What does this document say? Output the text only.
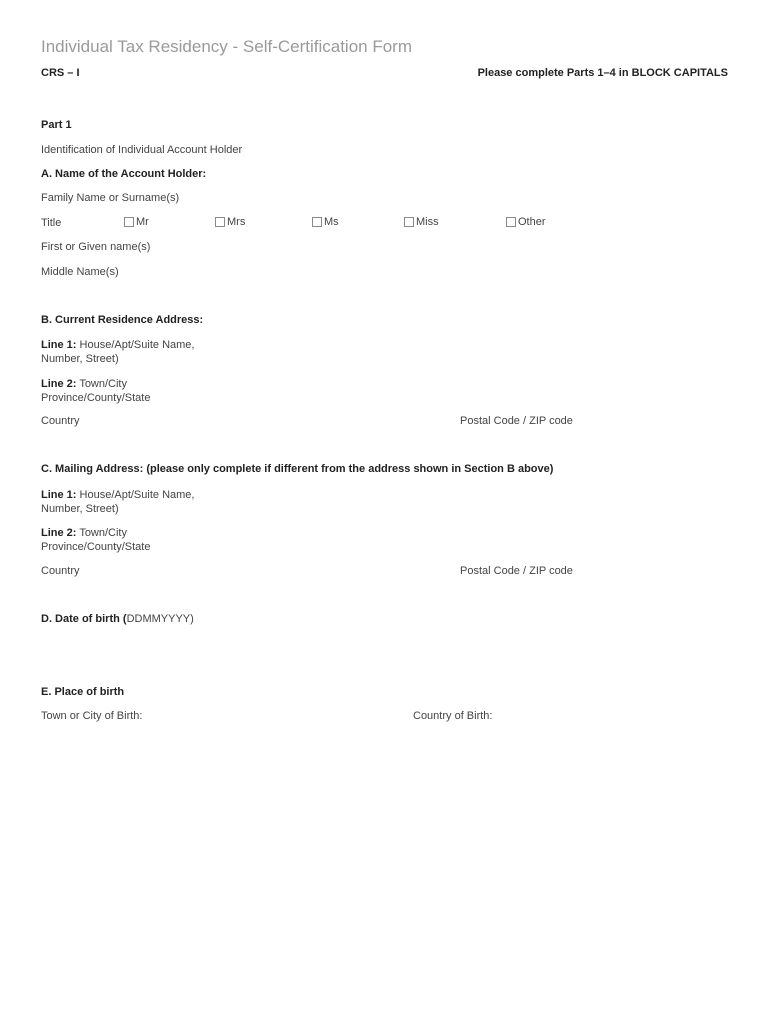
Individual Tax Residency - Self-Certification Form
CRS – I	Please complete Parts 1–4 in BLOCK CAPITALS
Part 1
Identification of Individual Account Holder
A. Name of the Account Holder:
Family Name or Surname(s)
Title	Mr	Mrs	Ms	Miss	Other
First or Given name(s)
Middle Name(s)
B. Current Residence Address:
Line 1: House/Apt/Suite Name, Number, Street)
Line 2: Town/City Province/County/State
Country	Postal Code / ZIP code
C. Mailing Address: (please only complete if different from the address shown in Section B above)
Line 1: House/Apt/Suite Name, Number, Street)
Line 2: Town/City Province/County/State
Country	Postal Code / ZIP code
D. Date of birth (DDMMYYYY)
E. Place of birth
Town or City of Birth:	Country of Birth:
